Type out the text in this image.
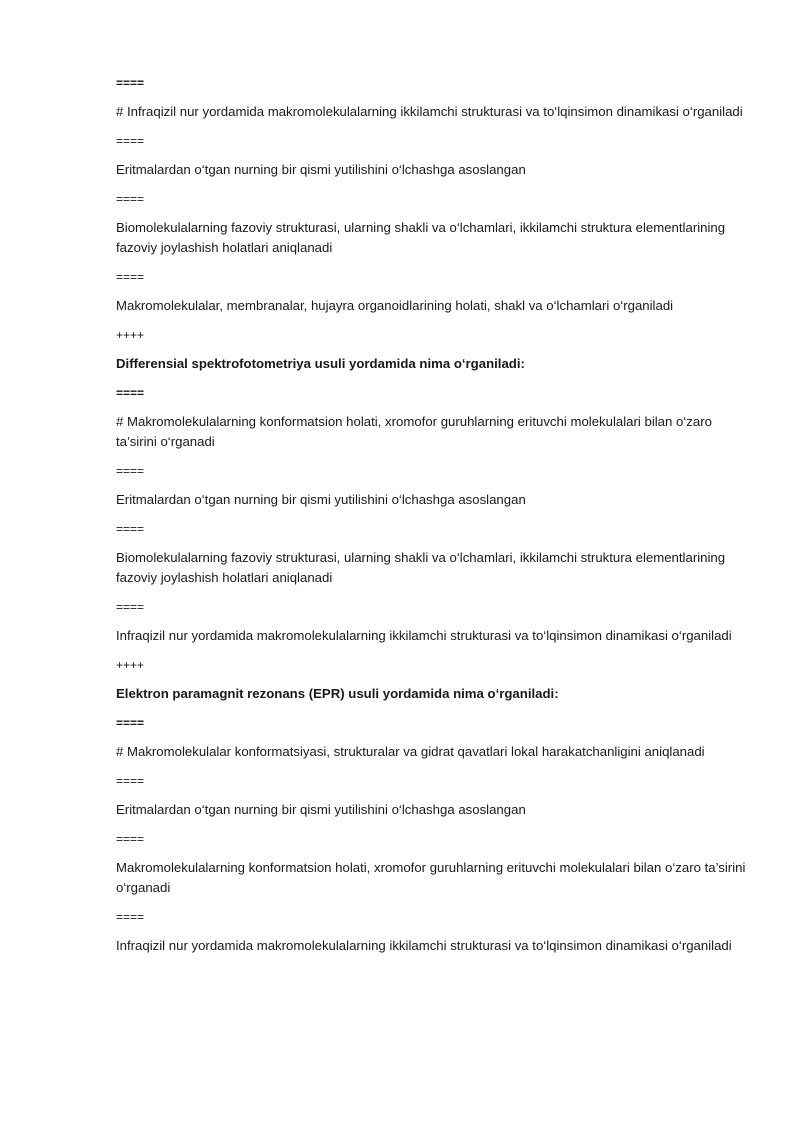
====

# Infraqizil nur yordamida makromolekulalarning ikkilamchi strukturasi va to‘lqinsimon dinamikasi o‘rganiladi

====

Eritmalardan o‘tgan nurning bir qismi yutilishini o‘lchashga asoslangan

====

Biomolekulalarning fazoviy strukturasi, ularning shakli va o‘lchamlari, ikkilamchi struktura elementlarining fazoviy joylashish holatlari aniqlanadi

====

Makromolekulalar, membranalar, hujayra organoidlarining holati, shakl va o‘lchamlari o‘rganiladi

++++

Differensial spektrofotometriya usuli yordamida nima o‘rganiladi:

====

# Makromolekulalarning konformatsion holati, xromofor guruhlarning erituvchi molekulalari bilan o‘zaro ta’sirini o‘rganadi

====

Eritmalardan o‘tgan nurning bir qismi yutilishini o‘lchashga asoslangan

====

Biomolekulalarning fazoviy strukturasi, ularning shakli va o‘lchamlari, ikkilamchi struktura elementlarining fazoviy joylashish holatlari aniqlanadi

====

Infraqizil nur yordamida makromolekulalarning ikkilamchi strukturasi va to‘lqinsimon dinamikasi o‘rganiladi

++++

Elektron paramagnit rezonans (EPR) usuli yordamida nima o‘rganiladi:

====

# Makromolekulalar konformatsiyasi, strukturalar va gidrat qavatlari lokal harakatchanligini aniqlanadi

====

Eritmalardan o‘tgan nurning bir qismi yutilishini o‘lchashga asoslangan

====

Makromolekulalarning konformatsion holati, xromofor guruhlarning erituvchi molekulalari bilan o‘zaro ta’sirini o‘rganadi

====

Infraqizil nur yordamida makromolekulalarning ikkilamchi strukturasi va to‘lqinsimon dinamikasi o‘rganiladi
